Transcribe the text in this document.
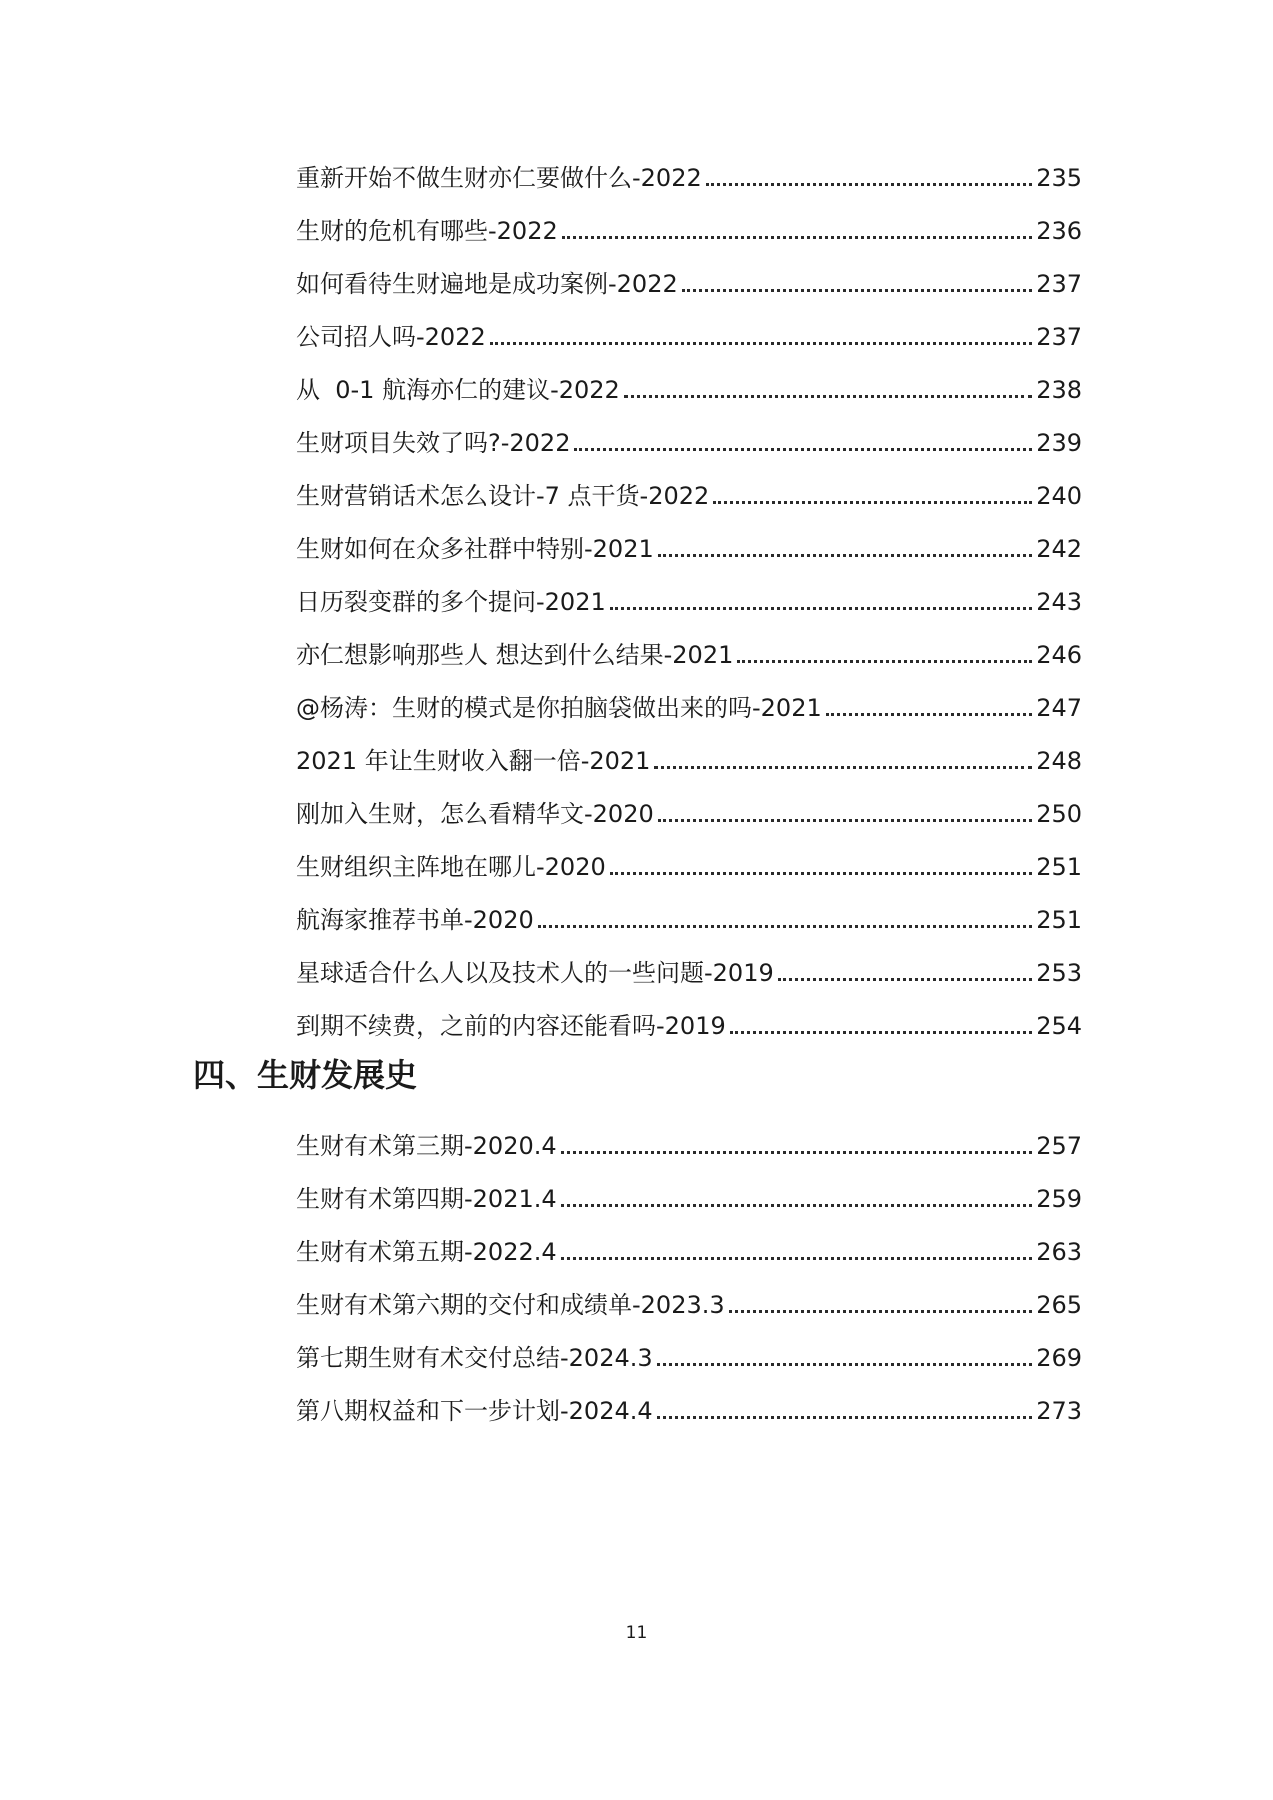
重新开始不做生财亦仁要做什么-2022	235
生财的危机有哪些-2022	236
如何看待生财遍地是成功案例-2022	237
公司招人吗-2022	237
从  0-1 航海亦仁的建议-2022	238
生财项目失效了吗?-2022	239
生财营销话术怎么设计-7 点干货-2022	240
生财如何在众多社群中特别-2021	242
日历裂变群的多个提问-2021	243
亦仁想影响那些人 想达到什么结果-2021	246
@杨涛：生财的模式是你拍脑袋做出来的吗-2021	247
2021 年让生财收入翻一倍-2021	248
刚加入生财，怎么看精华文-2020	250
生财组织主阵地在哪儿-2020	251
航海家推荐书单-2020	251
星球适合什么人以及技术人的一些问题-2019	253
到期不续费，之前的内容还能看吗-2019	254
四、生财发展史
生财有术第三期-2020.4	257
生财有术第四期-2021.4	259
生财有术第五期-2022.4	263
生财有术第六期的交付和成绩单-2023.3	265
第七期生财有术交付总结-2024.3	269
第八期权益和下一步计划-2024.4	273
11
